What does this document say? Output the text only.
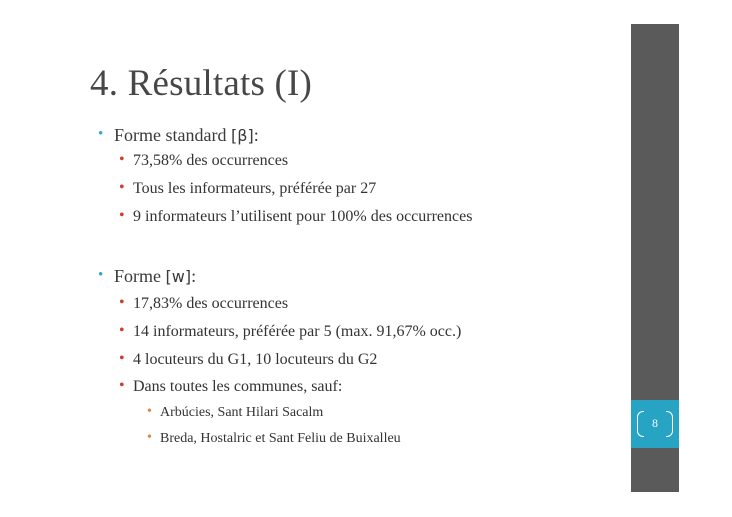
4. Résultats (I)
• Forme standard [β]:
• 73,58% des occurrences
• Tous les informateurs, préférée par 27
• 9 informateurs l’utilisent pour 100% des occurrences
• Forme [w]:
• 17,83% des occurrences
• 14 informateurs, préférée par 5 (max. 91,67% occ.)
• 4 locuteurs du G1, 10 locuteurs du G2
• Dans toutes les communes, sauf:
• Arbúcies, Sant Hilari Sacalm
• Breda, Hostalric et Sant Feliu de Buixalleu
8
